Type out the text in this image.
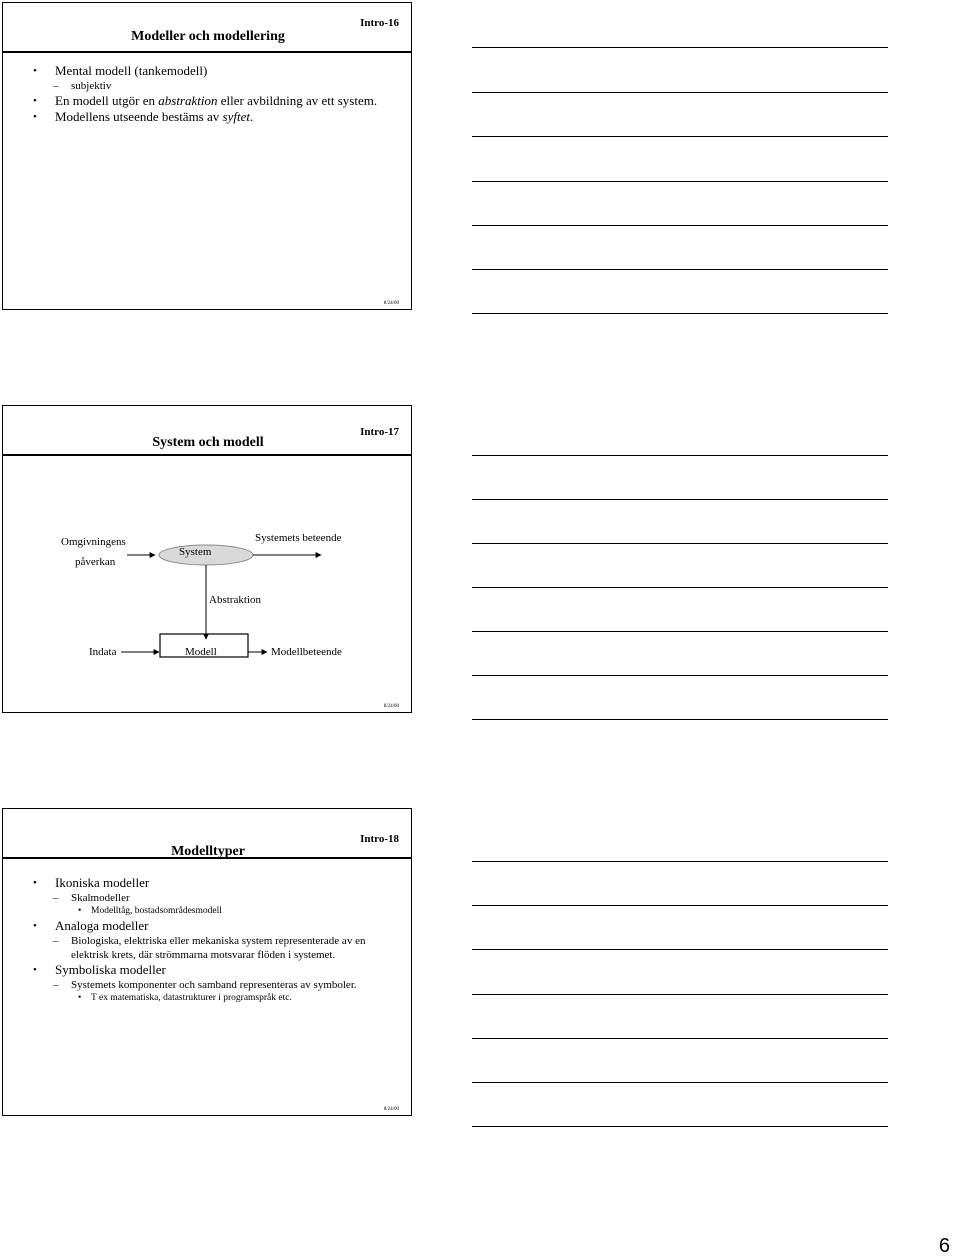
Modeller och modellering
Intro-16
• Mental modell (tankemodell)
– subjektiv
• En modell utgör en abstraktion eller avbildning av ett system.
• Modellens utseende bestäms av syftet.
8/24/00
System och modell
Intro-17
Omgivningens
påverkan
System
Systemets beteende
Abstraktion
Indata	Modell	Modellbeteende
8/24/00
Modelltyper
Intro-18
• Ikoniska modeller
– Skalmodeller
• Modelltåg, bostadsområdesmodell
• Analoga modeller
– Biologiska, elektriska eller mekaniska system representerade av en elektrisk krets, där strömmarna motsvarar flöden i systemet.
• Symboliska modeller
– Systemets komponenter och samband representeras av symboler.
• T ex matematiska, datastrukturer i programspråk etc.
8/24/00
6
